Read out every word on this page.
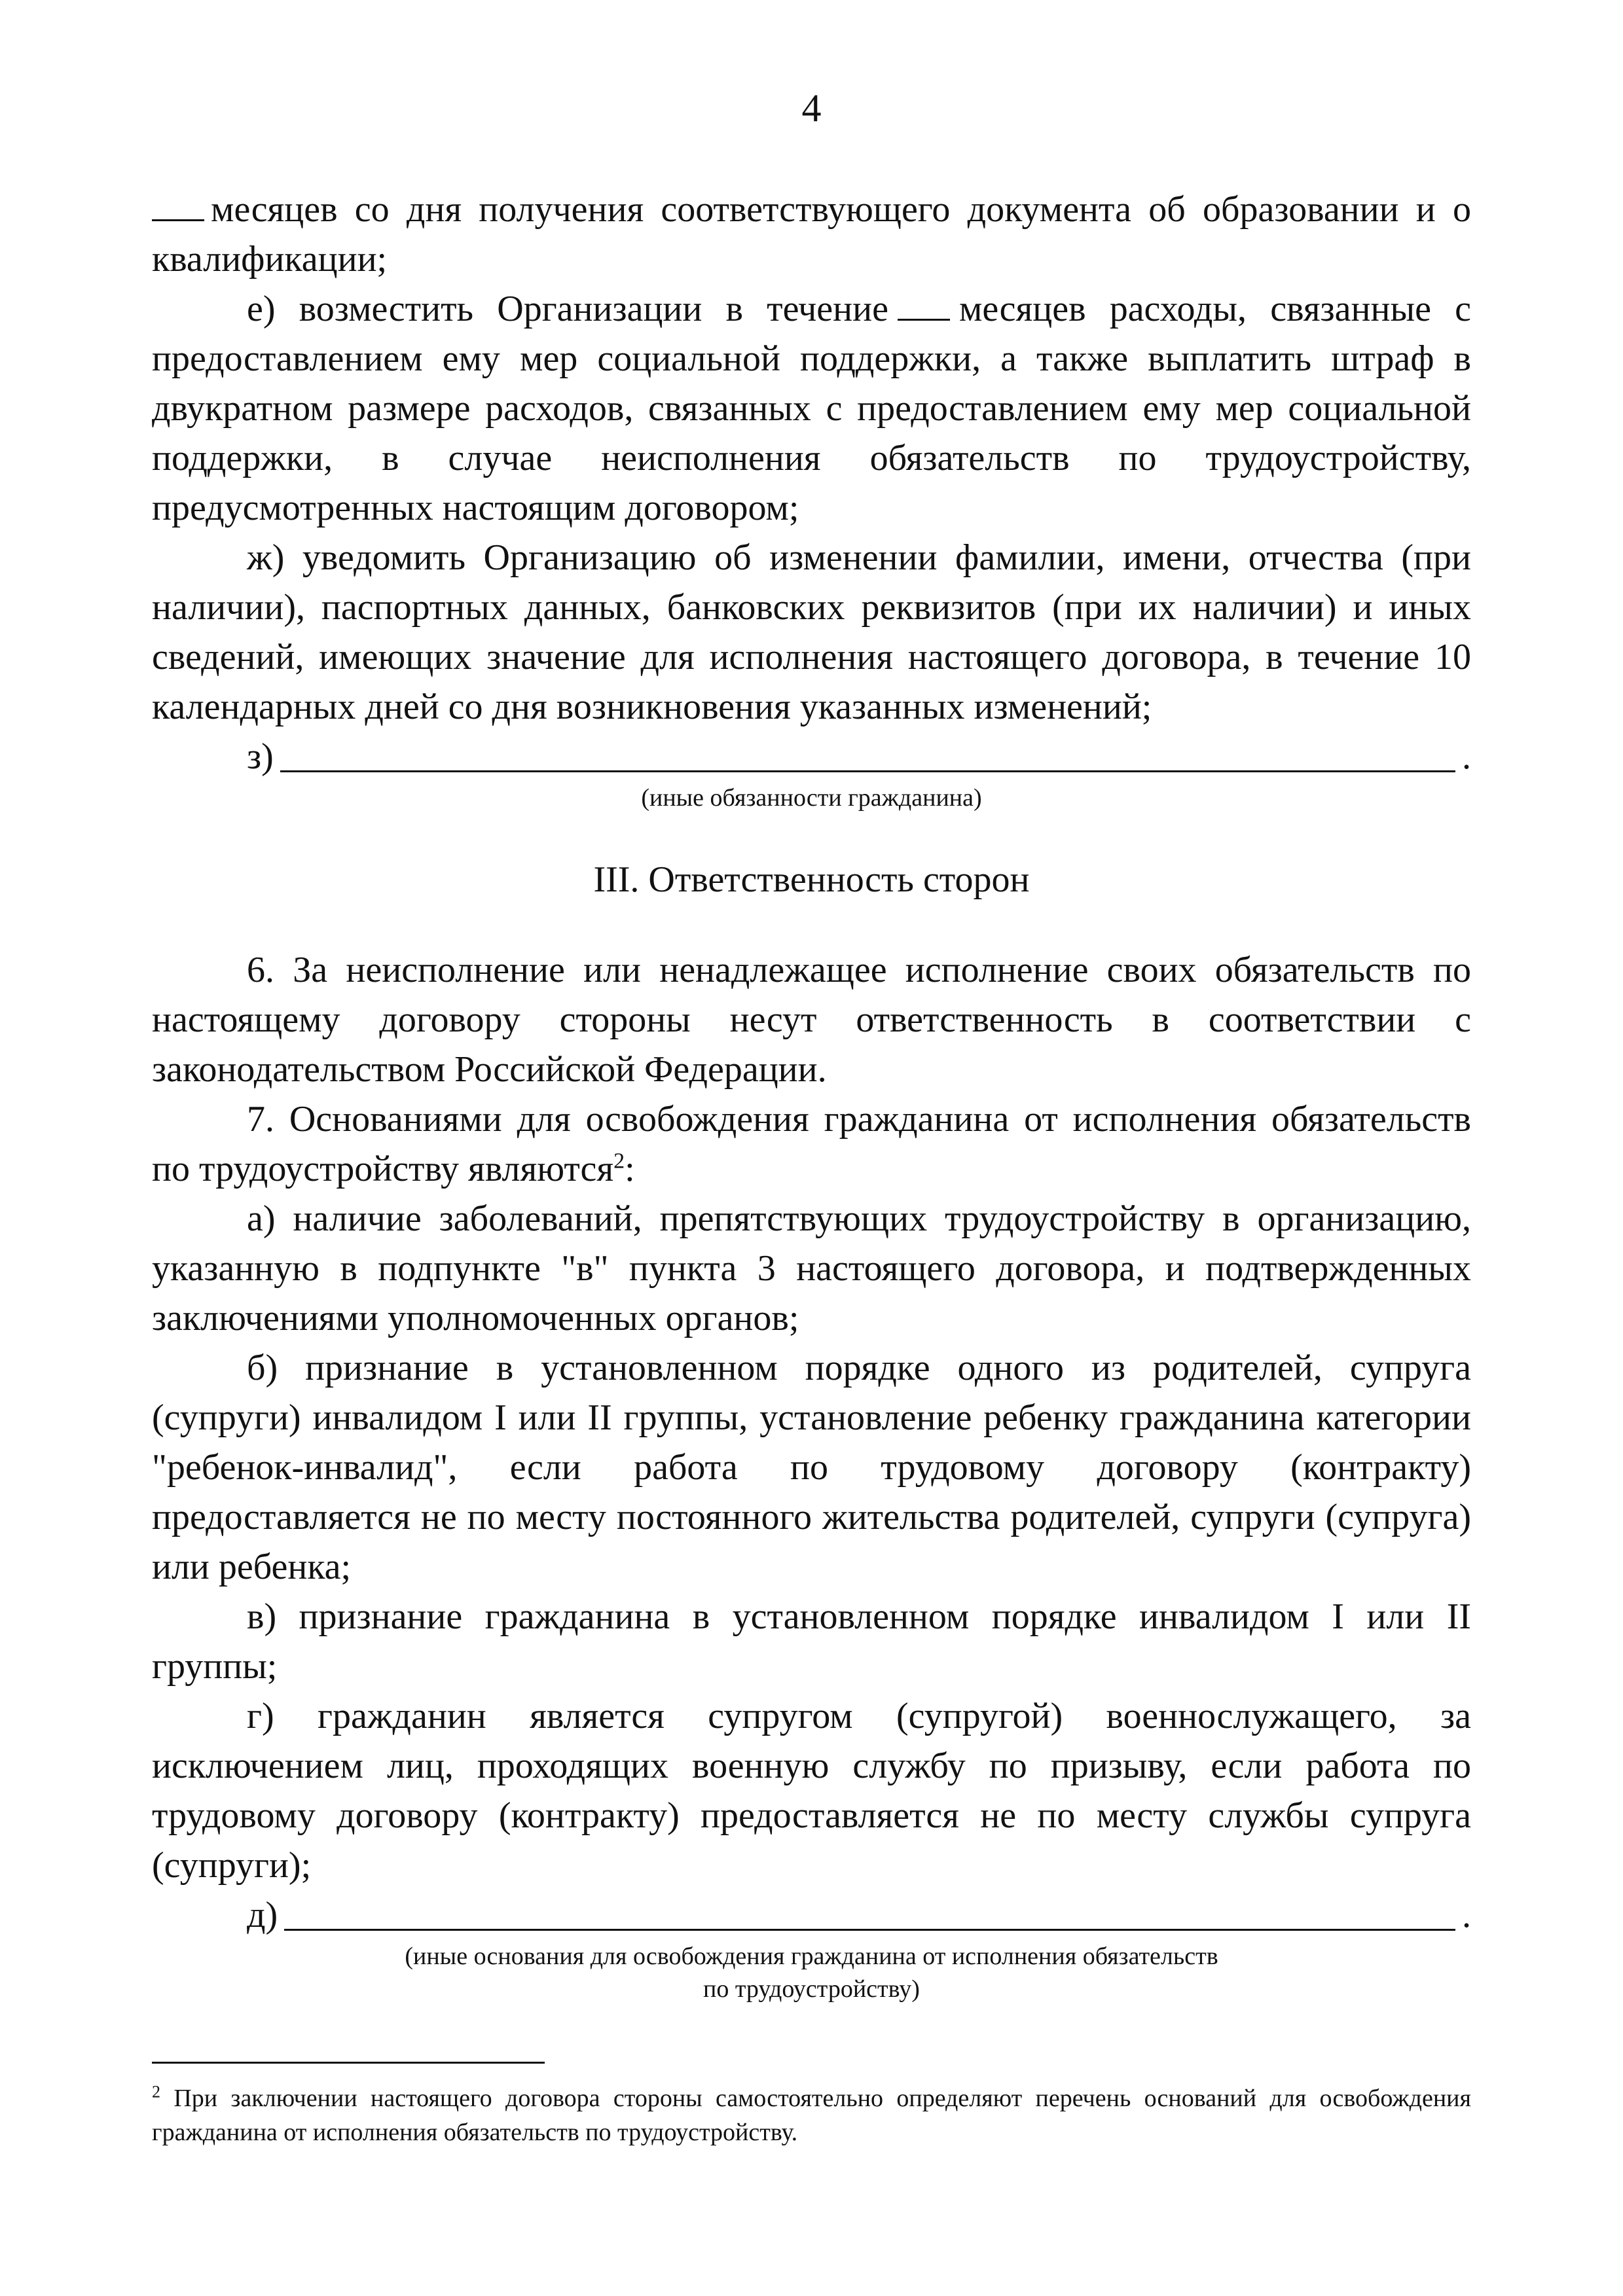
4

месяцев со дня получения соответствующего документа об образовании и о квалификации;

е) возместить Организации в течение месяцев расходы, связанные с предоставлением ему мер социальной поддержки, а также выплатить штраф в двукратном размере расходов, связанных с предоставлением ему мер социальной поддержки, в случае неисполнения обязательств по трудоустройству, предусмотренных настоящим договором;

ж) уведомить Организацию об изменении фамилии, имени, отчества (при наличии), паспортных данных, банковских реквизитов (при их наличии) и иных сведений, имеющих значение для исполнения настоящего договора, в течение 10 календарных дней со дня возникновения указанных изменений;

з)	.

(иные обязанности гражданина)

III. Ответственность сторон

6. За неисполнение или ненадлежащее исполнение своих обязательств по настоящему договору стороны несут ответственность в соответствии с законодательством Российской Федерации.

7. Основаниями для освобождения гражданина от исполнения обязательств по трудоустройству являются$^2$:

а) наличие заболеваний, препятствующих трудоустройству в организацию, указанную в подпункте "в" пункта 3 настоящего договора, и подтвержденных заключениями уполномоченных органов;

б) признание в установленном порядке одного из родителей, супруга (супруги) инвалидом I или II группы, установление ребенку гражданина категории "ребенок-инвалид", если работа по трудовому договору (контракту) предоставляется не по месту постоянного жительства родителей, супруги (супруга) или ребенка;

в) признание гражданина в установленном порядке инвалидом I или II группы;

г) гражданин является супругом (супругой) военнослужащего, за исключением лиц, проходящих военную службу по призыву, если работа по трудовому договору (контракту) предоставляется не по месту службы супруга (супруги);

д)	.

(иные основания для освобождения гражданина от исполнения обязательств

по трудоустройству)

$^2$ При заключении настоящего договора стороны самостоятельно определяют перечень оснований для освобождения гражданина от исполнения обязательств по трудоустройству.
